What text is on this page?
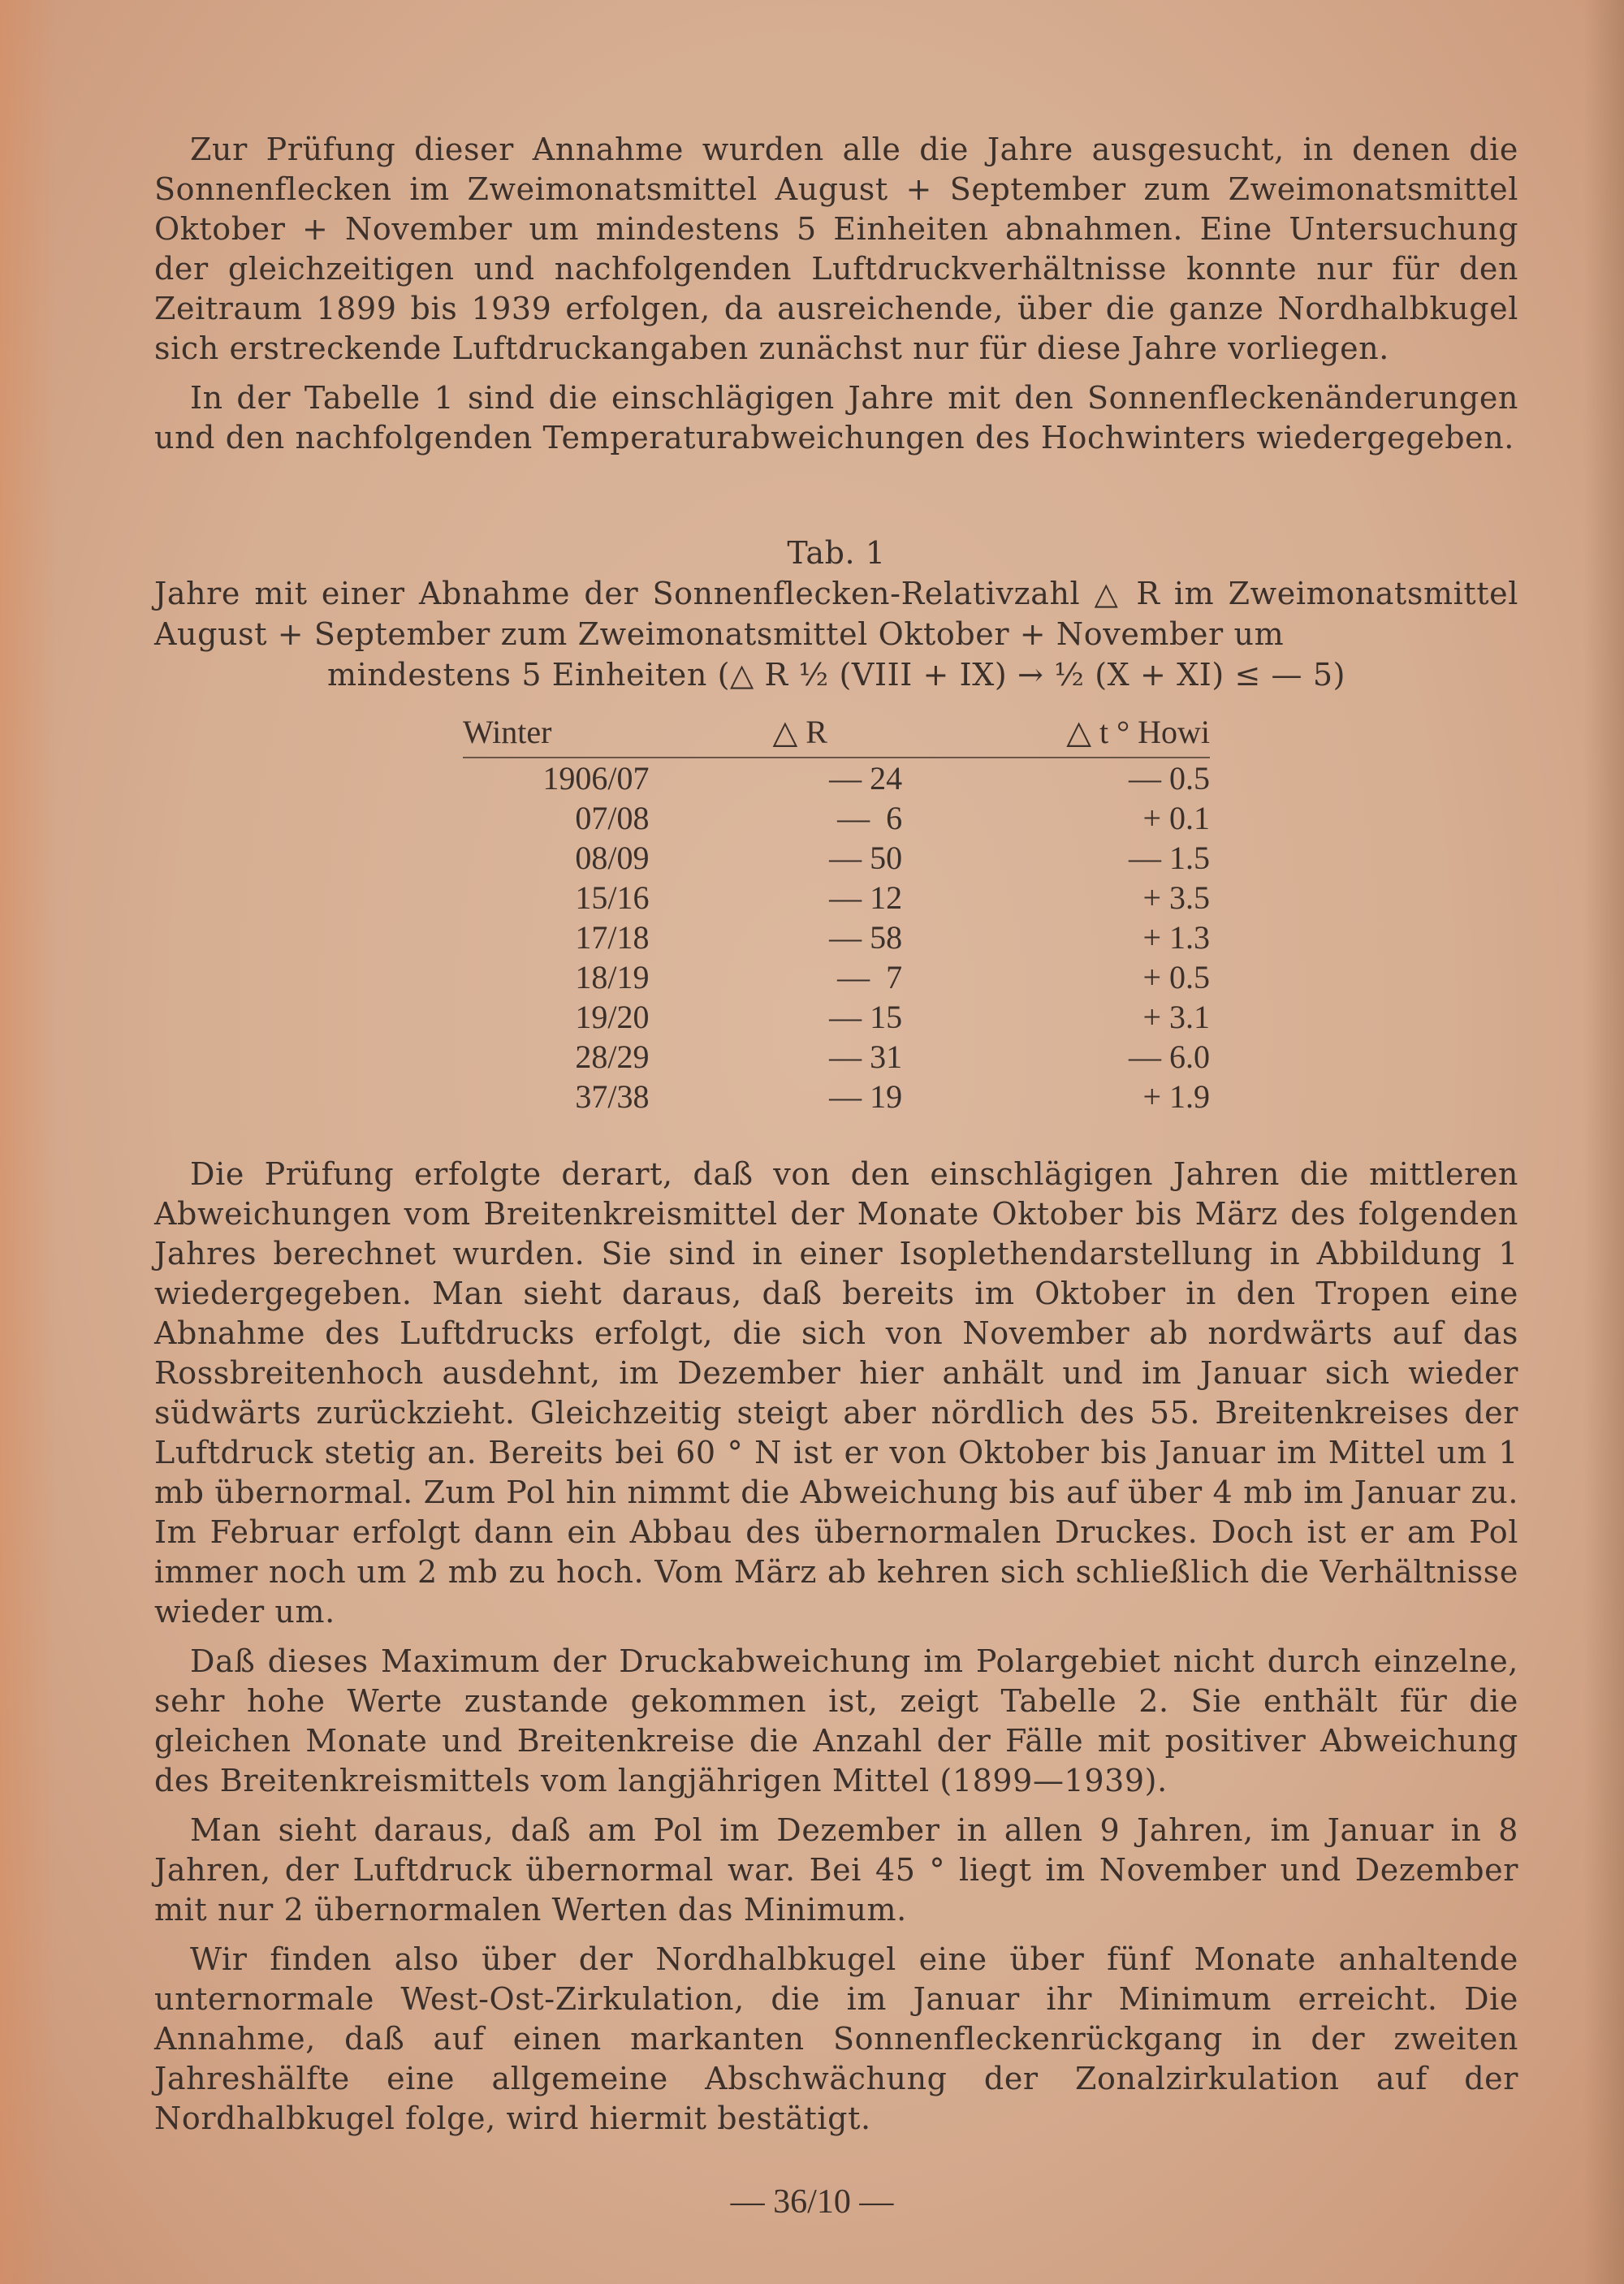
Zur Prüfung dieser Annahme wurden alle die Jahre ausgesucht, in denen die Sonnenflecken im Zweimonatsmittel August + September zum Zweimonatsmittel Oktober + November um mindestens 5 Einheiten abnahmen. Eine Untersuchung der gleichzeitigen und nachfolgenden Luftdruckverhältnisse konnte nur für den Zeitraum 1899 bis 1939 erfolgen, da ausreichende, über die ganze Nordhalbkugel sich erstreckende Luftdruckangaben zunächst nur für diese Jahre vorliegen.

In der Tabelle 1 sind die einschlägigen Jahre mit den Sonnenfleckenänderungen und den nachfolgenden Temperaturabweichungen des Hochwinters wiedergegeben.

Tab. 1
Jahre mit einer Abnahme der Sonnenflecken-Relativzahl △ R im Zweimonatsmittel August + September zum Zweimonatsmittel Oktober + November um
mindestens 5 Einheiten (△ R ½ (VIII + IX) → ½ (X + XI) ≤ — 5)
Winter	△ R	△ t ° Howi
1906/07	— 24	— 0.5
07/08	—  6	+ 0.1
08/09	— 50	— 1.5
15/16	— 12	+ 3.5
17/18	— 58	+ 1.3
18/19	—  7	+ 0.5
19/20	— 15	+ 3.1
28/29	— 31	— 6.0
37/38	— 19	+ 1.9

Die Prüfung erfolgte derart, daß von den einschlägigen Jahren die mittleren Abweichungen vom Breitenkreismittel der Monate Oktober bis März des folgenden Jahres berechnet wurden. Sie sind in einer Isoplethendarstellung in Abbildung 1 wiedergegeben. Man sieht daraus, daß bereits im Oktober in den Tropen eine Abnahme des Luftdrucks erfolgt, die sich von November ab nordwärts auf das Rossbreitenhoch ausdehnt, im Dezember hier anhält und im Januar sich wieder südwärts zurückzieht. Gleichzeitig steigt aber nördlich des 55. Breitenkreises der Luftdruck stetig an. Bereits bei 60 ° N ist er von Oktober bis Januar im Mittel um 1 mb übernormal. Zum Pol hin nimmt die Abweichung bis auf über 4 mb im Januar zu. Im Februar erfolgt dann ein Abbau des übernormalen Druckes. Doch ist er am Pol immer noch um 2 mb zu hoch. Vom März ab kehren sich schließlich die Verhältnisse wieder um.

Daß dieses Maximum der Druckabweichung im Polargebiet nicht durch einzelne, sehr hohe Werte zustande gekommen ist, zeigt Tabelle 2. Sie enthält für die gleichen Monate und Breitenkreise die Anzahl der Fälle mit positiver Abweichung des Breitenkreismittels vom langjährigen Mittel (1899—1939).

Man sieht daraus, daß am Pol im Dezember in allen 9 Jahren, im Januar in 8 Jahren, der Luftdruck übernormal war. Bei 45 ° liegt im November und Dezember mit nur 2 übernormalen Werten das Minimum.

Wir finden also über der Nordhalbkugel eine über fünf Monate anhaltende unternormale West-Ost-Zirkulation, die im Januar ihr Minimum erreicht. Die Annahme, daß auf einen markanten Sonnenfleckenrückgang in der zweiten Jahreshälfte eine allgemeine Abschwächung der Zonalzirkulation auf der Nordhalbkugel folge, wird hiermit bestätigt.

— 36/10 —
